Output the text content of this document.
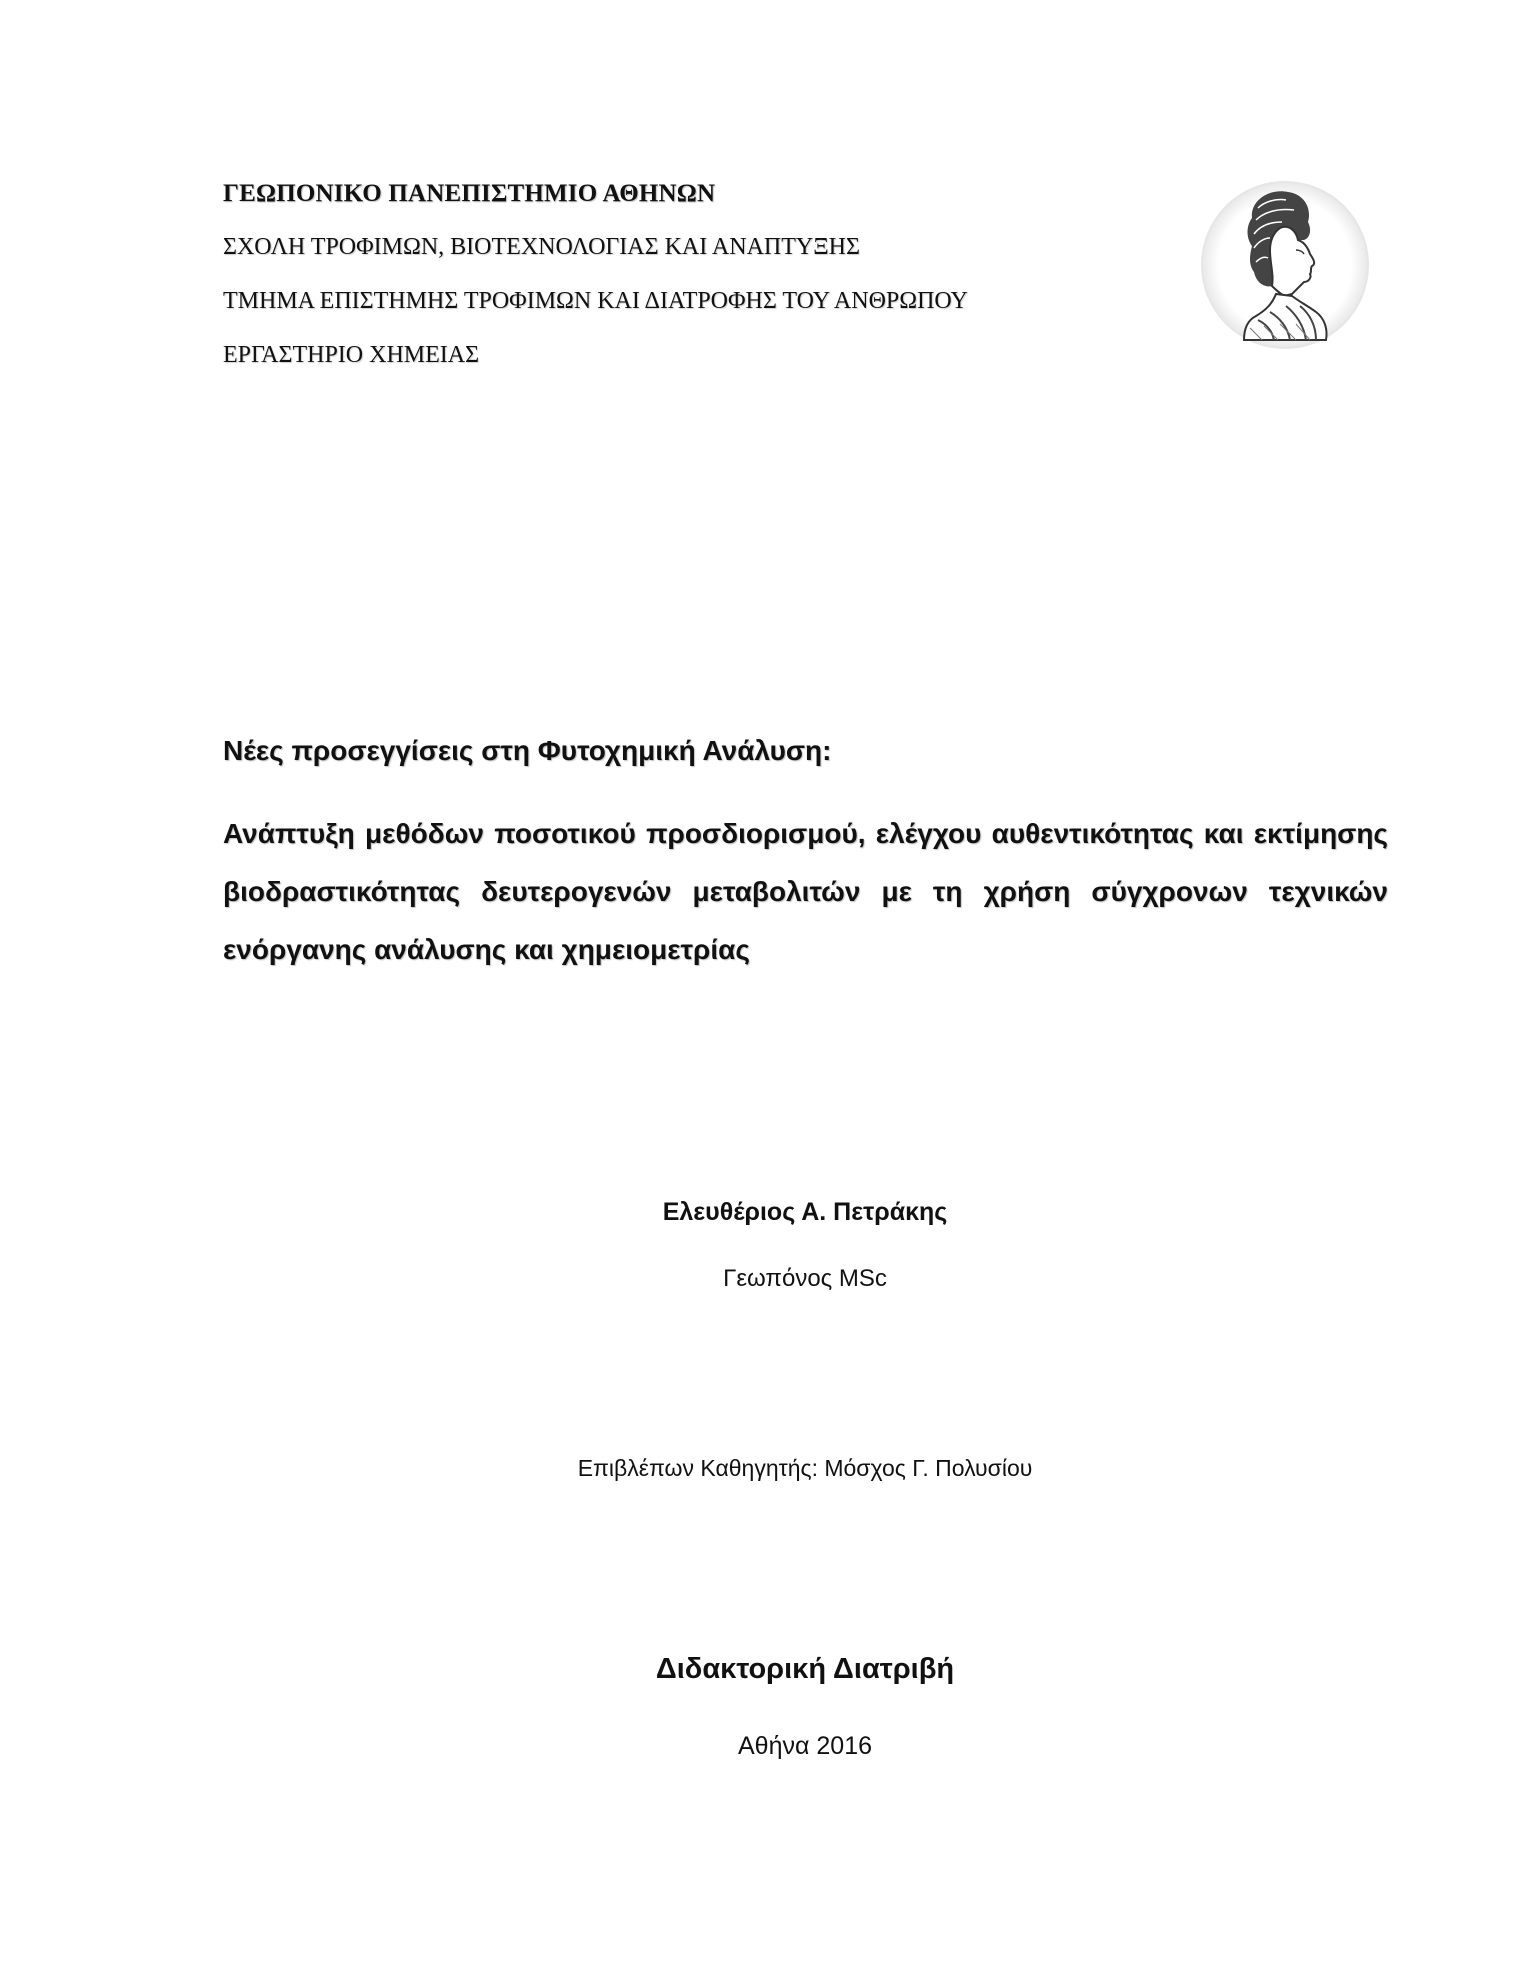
ΓΕΩΠΟΝΙΚΟ ΠΑΝΕΠΙΣΤΗΜΙΟ ΑΘΗΝΩΝ
ΣΧΟΛΗ ΤΡΟΦΙΜΩΝ, ΒΙΟΤΕΧΝΟΛΟΓΙΑΣ ΚΑΙ ΑΝΑΠΤΥΞΗΣ
ΤΜΗΜΑ ΕΠΙΣΤΗΜΗΣ ΤΡΟΦΙΜΩΝ ΚΑΙ ΔΙΑΤΡΟΦΗΣ ΤΟΥ ΑΝΘΡΩΠΟΥ
ΕΡΓΑΣΤΗΡΙΟ ΧΗΜΕΙΑΣ
Νέες προσεγγίσεις στη Φυτοχημική Ανάλυση:
Ανάπτυξη μεθόδων ποσοτικού προσδιορισμού, ελέγχου αυθεντικότητας και εκτίμησης βιοδραστικότητας δευτερογενών μεταβολιτών με τη χρήση σύγχρονων τεχνικών ενόργανης ανάλυσης και χημειομετρίας
Ελευθέριος Α. Πετράκης
Γεωπόνος MSc
Επιβλέπων Καθηγητής: Μόσχος Γ. Πολυσίου
Διδακτορική Διατριβή
Αθήνα 2016
